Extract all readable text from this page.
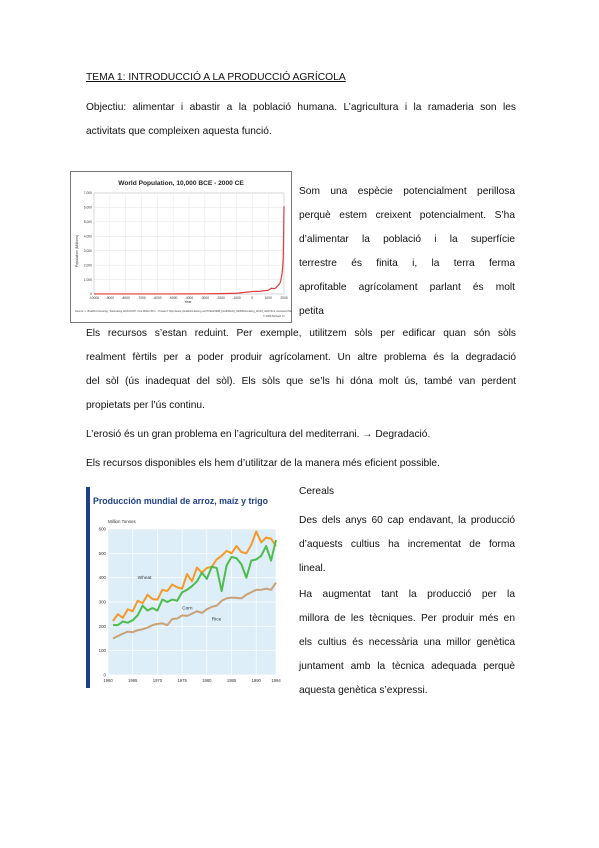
TEMA 1: INTRODUCCIÓ A LA PRODUCCIÓ AGRÍCOLA
Objectiu: alimentar i abastir a la població humana. L’agricultura i la ramaderia son les
activitats que compleixen aquesta funció.
World Population, 10,000 BCE - 2000 CE
Population (Millions)
Year
Source: L. Bradford Gessing, "Estimating World DOP: One Million B.C. - Present" http://www.j-bradford-delong.net/TCEH/1998_Draft/World_GDP/Estimating_World_GDP.html, Accessed May 3, 2006
© 2006 Richard Cl.
0
1,000
2,000
3,000
4,000
5,000
6,000
7,000
-10000 -9000 -8000 -7000 -6000 -5000 -4000 -3000 -2000 -1000	0	1000	2000
Som una espècie potencialment perillosa
perquè estem creixent potencialment. S’ha
d’alimentar la població i la superfície
terrestre és finita i, la terra ferma
aprofitable agrícolament parlant és molt
petita
Els recursos s’estan reduint. Per exemple, utilitzem sòls per edificar quan són sòls
realment fèrtils per a poder produir agrícolament. Un altre problema és la degradació
del sòl (ús inadequat del sòl). Els sòls que se’ls hi dóna molt ús, també van perdent
propietats per l’ús continu.
L’erosió és un gran problema en l’agricultura del mediterrani. → Degradació.
Els recursos disponibles els hem d’utilitzar de la manera més eficient possible.
Producción mundial de arroz, maíz y trigo
Million Tonnes
0
100
200
300
400
500
600
1960	1965	1970	1975	1980	1985	1990 1994
Wheat
Corn
Rice
Cereals
Des dels anys 60 cap endavant, la producció
d’aquests cultius ha incrementat de forma
lineal.
Ha augmentat tant la producció per la
millora de les tècniques. Per produir més en
els cultius és necessària una millor genètica
juntament amb la tècnica adequada perquè
aquesta genètica s’expressi.
